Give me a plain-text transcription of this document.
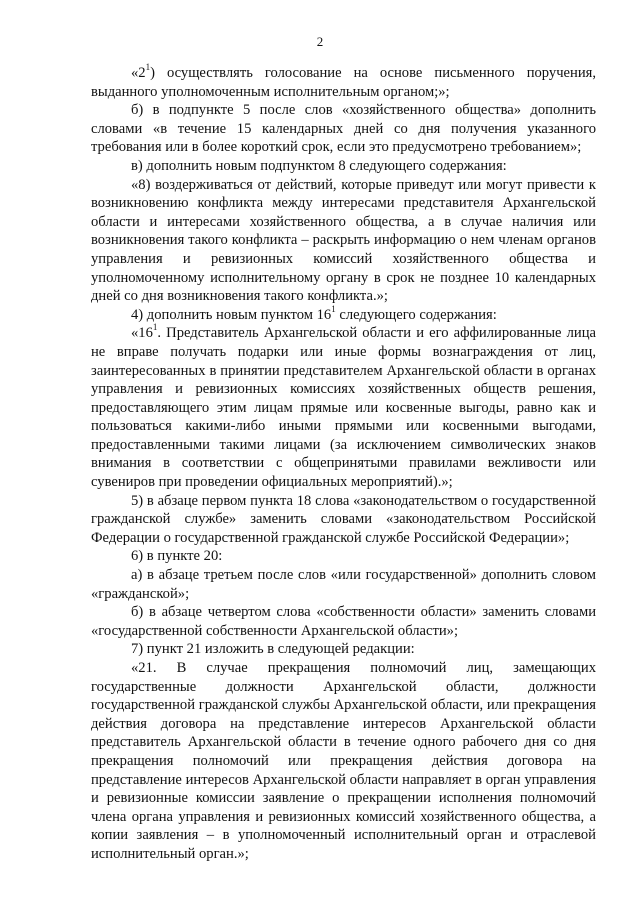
2

«$2^1$) осуществлять голосование на основе письменного поручения, выданного уполномоченным исполнительным органом;»;

б) в подпункте 5 после слов «хозяйственного общества» дополнить словами «в течение 15 календарных дней со дня получения указанного требования или в более короткий срок, если это предусмотрено требованием»;

в) дополнить новым подпунктом 8 следующего содержания:

«8) воздерживаться от действий, которые приведут или могут привести к возникновению конфликта между интересами представителя Архангельской области и интересами хозяйственного общества, а в случае наличия или возникновения такого конфликта – раскрыть информацию о нем членам органов управления и ревизионных комиссий хозяйственного общества и уполномоченному исполнительному органу в срок не позднее 10 календарных дней со дня возникновения такого конфликта.»;

4) дополнить новым пунктом $16^1$ следующего содержания:

«$16^1$. Представитель Архангельской области и его аффилированные лица не вправе получать подарки или иные формы вознаграждения от лиц, заинтересованных в принятии представителем Архангельской области в органах управления и ревизионных комиссиях хозяйственных обществ решения, предоставляющего этим лицам прямые или косвенные выгоды, равно как и пользоваться какими-либо иными прямыми или косвенными выгодами, предоставленными такими лицами (за исключением символических знаков внимания в соответствии с общепринятыми правилами вежливости или сувениров при проведении официальных мероприятий).»;

5) в абзаце первом пункта 18 слова «законодательством о государственной гражданской службе» заменить словами «законодательством Российской Федерации о государственной гражданской службе Российской Федерации»;

6) в пункте 20:

а) в абзаце третьем после слов «или государственной» дополнить словом «гражданской»;

б) в абзаце четвертом слова «собственности области» заменить словами «государственной собственности Архангельской области»;

7) пункт 21 изложить в следующей редакции:

«21. В случае прекращения полномочий лиц, замещающих государственные должности Архангельской области, должности государственной гражданской службы Архангельской области, или прекращения действия договора на представление интересов Архангельской области представитель Архангельской области в течение одного рабочего дня со дня прекращения полномочий или прекращения действия договора на представление интересов Архангельской области направляет в орган управления и ревизионные комиссии заявление о прекращении исполнения полномочий члена органа управления и ревизионных комиссий хозяйственного общества, а копии заявления – в уполномоченный исполнительный орган и отраслевой исполнительный орган.»;
